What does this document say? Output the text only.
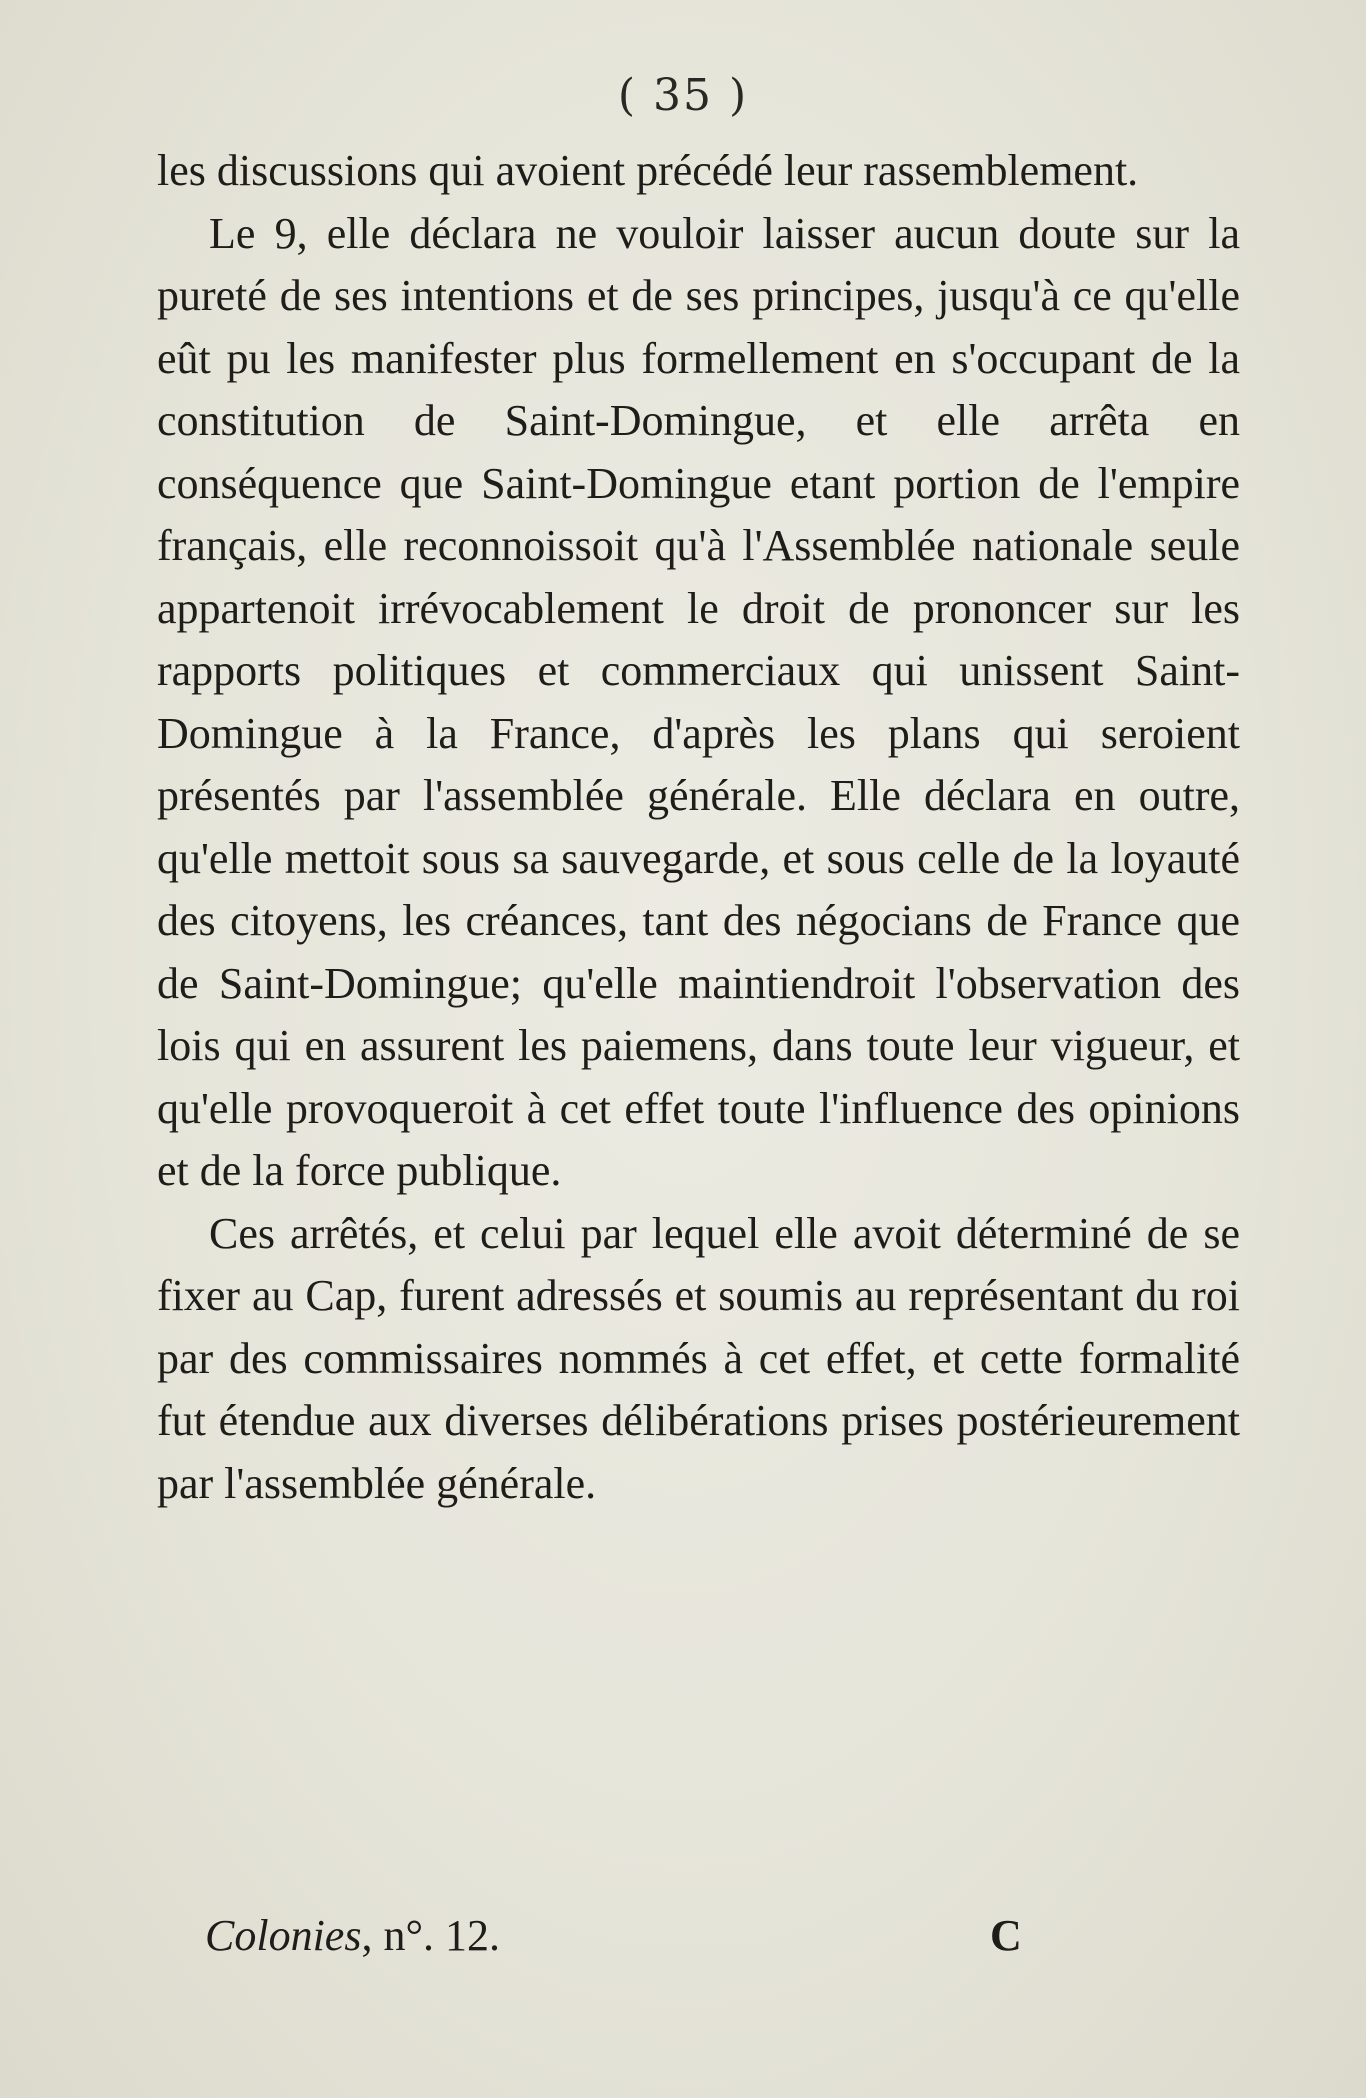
( 35 )

les discussions qui avoient précédé leur rassemblement.

Le 9, elle déclara ne vouloir laisser aucun doute sur la pureté de ses intentions et de ses principes, jusqu'à ce qu'elle eût pu les manifester plus formellement en s'occupant de la constitution de Saint-Domingue, et elle arrêta en conséquence que Saint-Domingue etant portion de l'empire français, elle reconnoissoit qu'à l'Assemblée nationale seule appartenoit irrévocablement le droit de prononcer sur les rapports politiques et commerciaux qui unissent Saint-Domingue à la France, d'après les plans qui seroient présentés par l'assemblée générale. Elle déclara en outre, qu'elle mettoit sous sa sauvegarde, et sous celle de la loyauté des citoyens, les créances, tant des négocians de France que de Saint-Domingue; qu'elle maintiendroit l'observation des lois qui en assurent les paiemens, dans toute leur vigueur, et qu'elle provoqueroit à cet effet toute l'influence des opinions et de la force publique.

Ces arrêtés, et celui par lequel elle avoit déterminé de se fixer au Cap, furent adressés et soumis au représentant du roi par des commissaires nommés à cet effet, et cette formalité fut étendue aux diverses délibérations prises postérieurement par l'assemblée générale.

Colonies, n°. 12.	C
